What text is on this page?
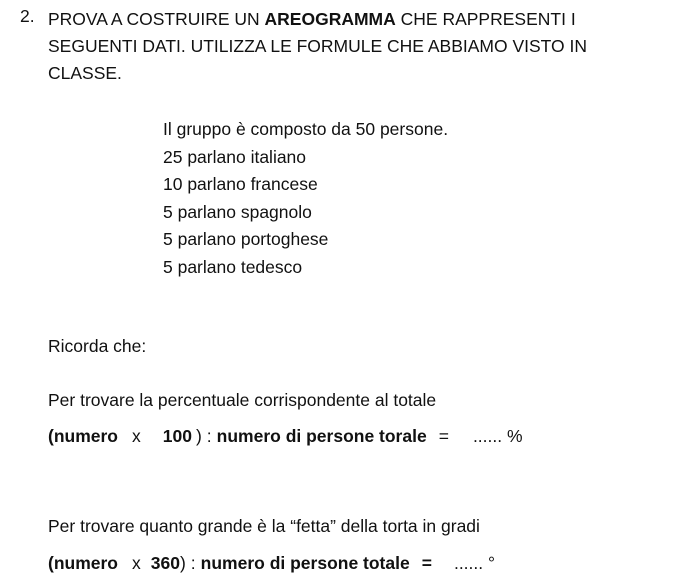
2. PROVA A COSTRUIRE UN AREOGRAMMA CHE RAPPRESENTI I
SEGUENTI DATI. UTILIZZA LE FORMULE CHE ABBIAMO VISTO IN
CLASSE.
Il gruppo è composto da 50 persone.
25 parlano italiano
10 parlano francese
5 parlano spagnolo
5 parlano portoghese
5 parlano tedesco
Ricorda che:
Per trovare la percentuale corrispondente al totale
(numero x 100 ) : numero di persone torale = ...... %
Per trovare quanto grande è la “fetta” della torta in gradi
(numero x 360) : numero di persone totale = ...... °
